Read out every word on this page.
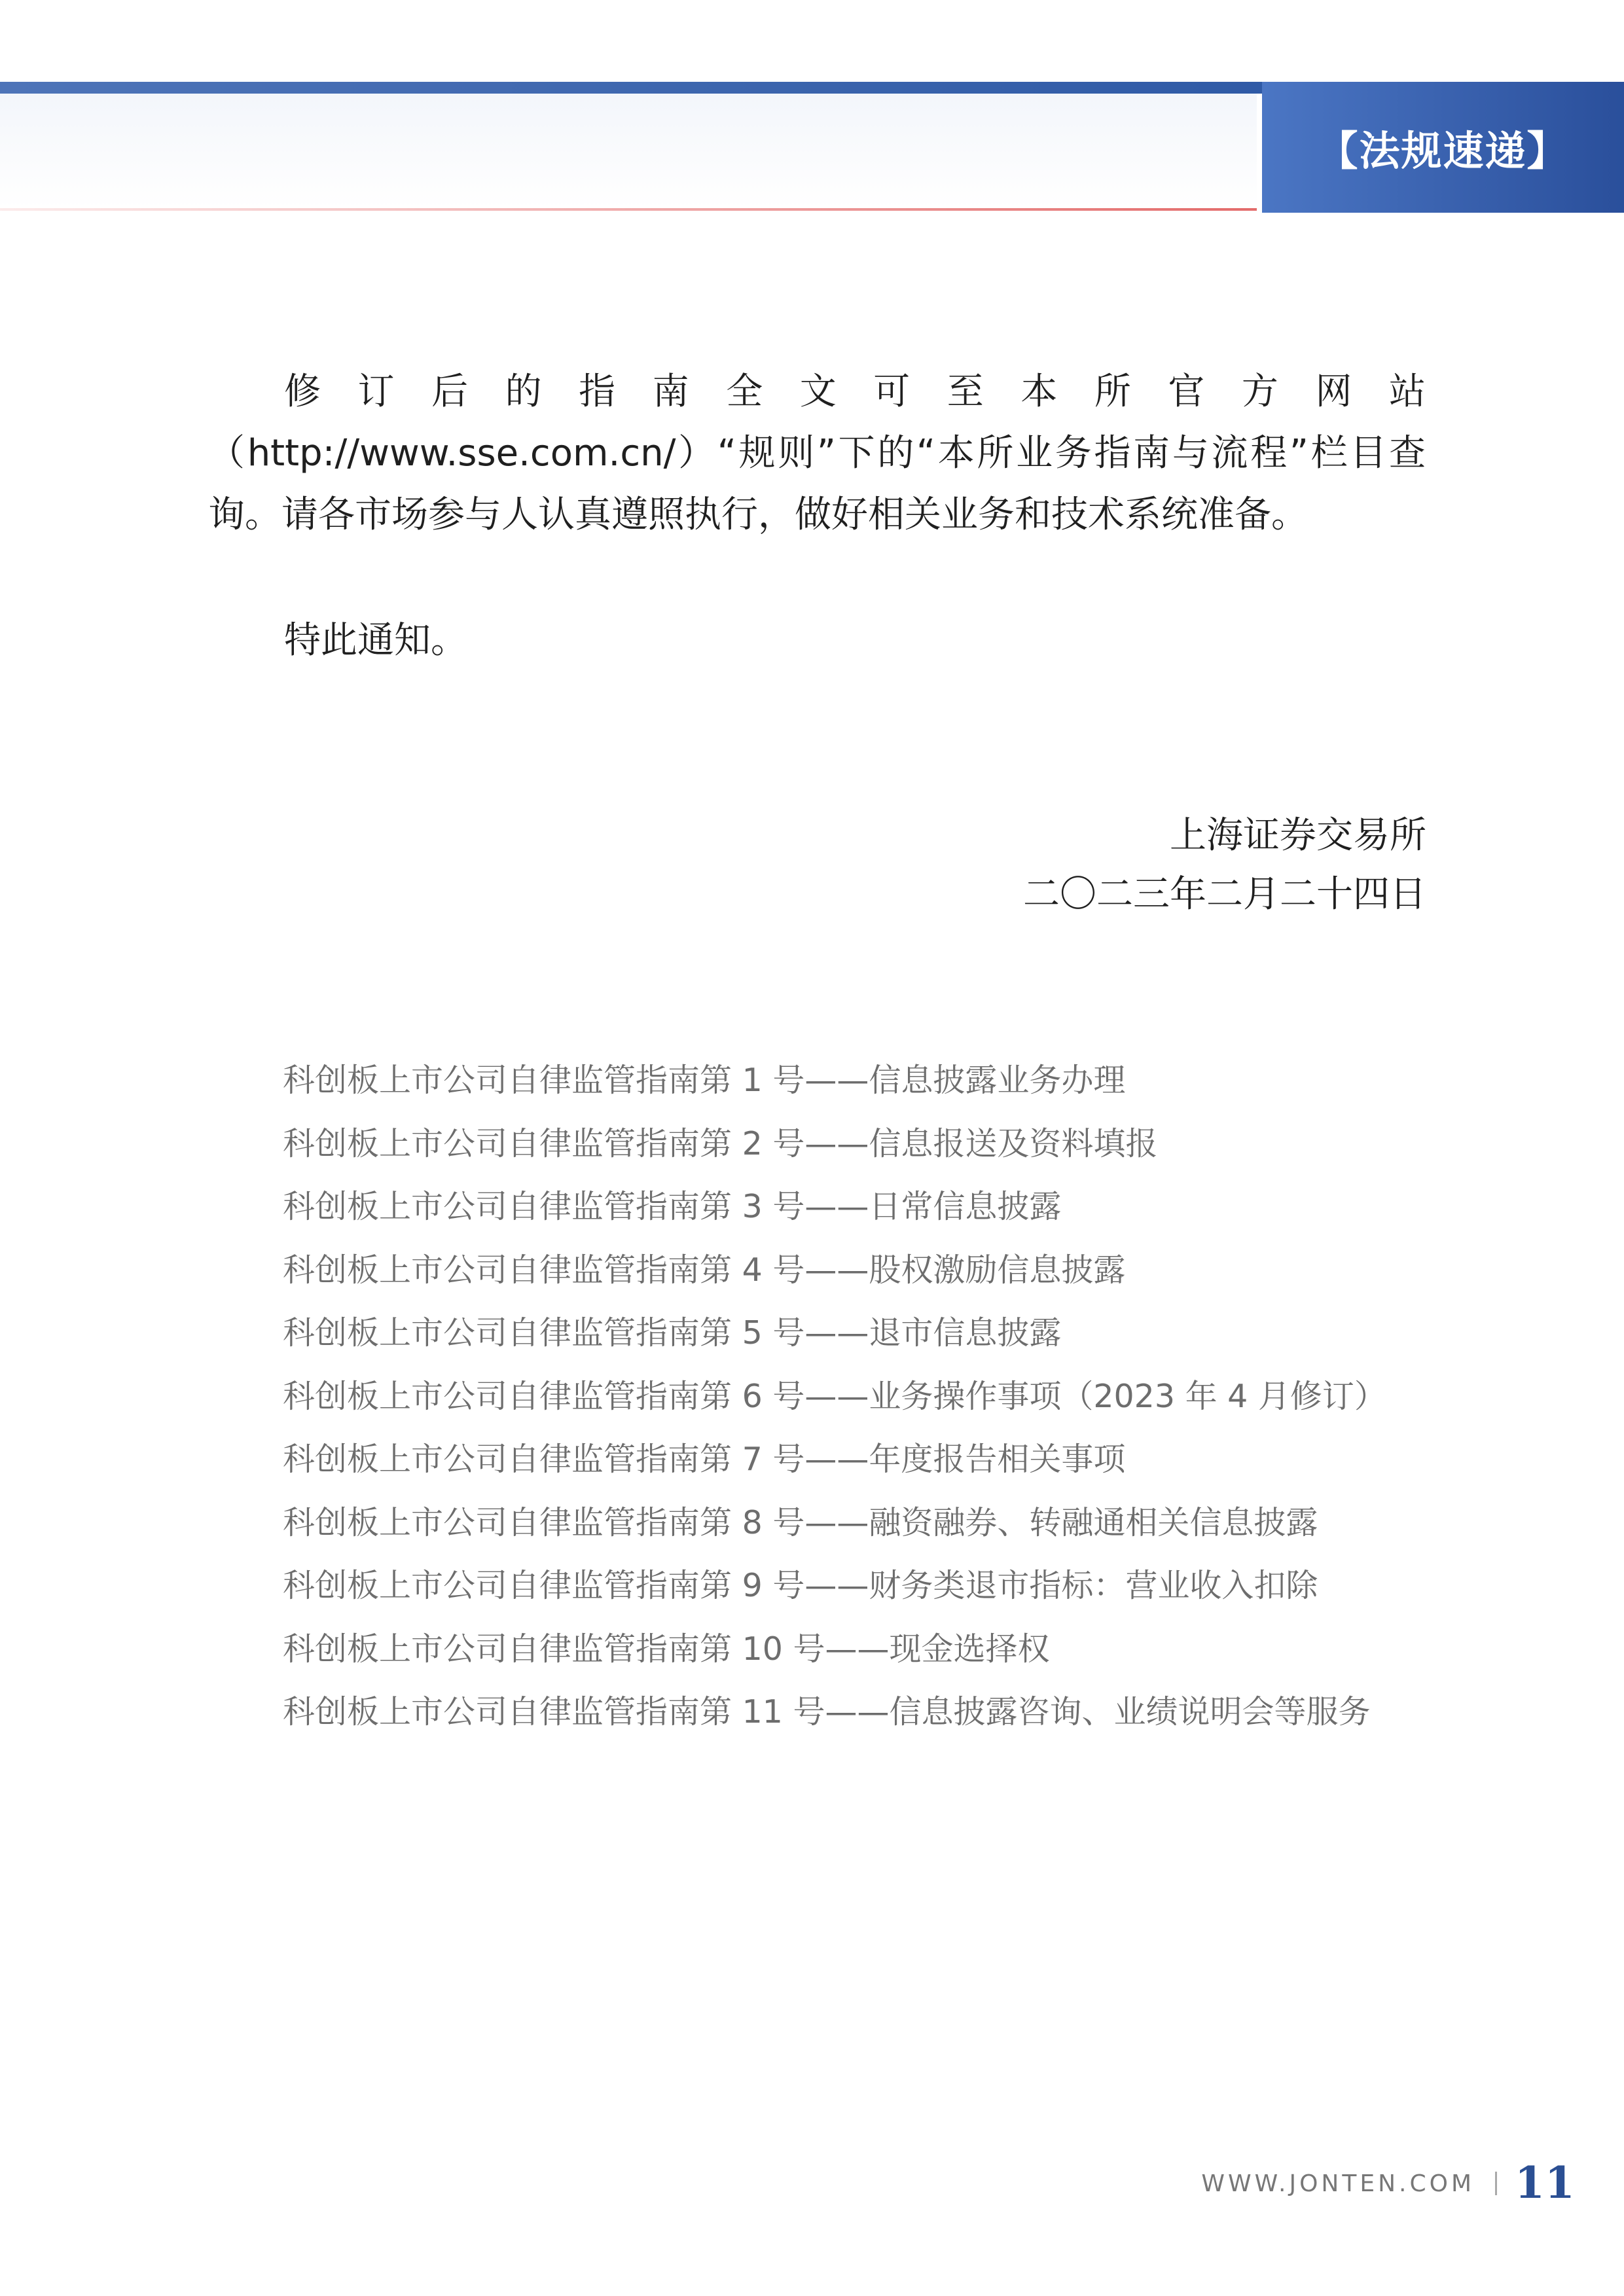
【法规速递】

修订后的指南全文可至本所官方网站（http://www.sse.com.cn/）“规则”下的“本所业务指南与流程”栏目查询。请各市场参与人认真遵照执行，做好相关业务和技术系统准备。

特此通知。

上海证券交易所
二〇二三年二月二十四日
科创板上市公司自律监管指南第 1 号——信息披露业务办理
科创板上市公司自律监管指南第 2 号——信息报送及资料填报
科创板上市公司自律监管指南第 3 号——日常信息披露
科创板上市公司自律监管指南第 4 号——股权激励信息披露
科创板上市公司自律监管指南第 5 号——退市信息披露
科创板上市公司自律监管指南第 6 号——业务操作事项（2023 年 4 月修订）
科创板上市公司自律监管指南第 7 号——年度报告相关事项
科创板上市公司自律监管指南第 8 号——融资融券、转融通相关信息披露
科创板上市公司自律监管指南第 9 号——财务类退市指标：营业收入扣除
科创板上市公司自律监管指南第 10 号——现金选择权
科创板上市公司自律监管指南第 11 号——信息披露咨询、业绩说明会等服务
WWW.JONTEN.COM 11
